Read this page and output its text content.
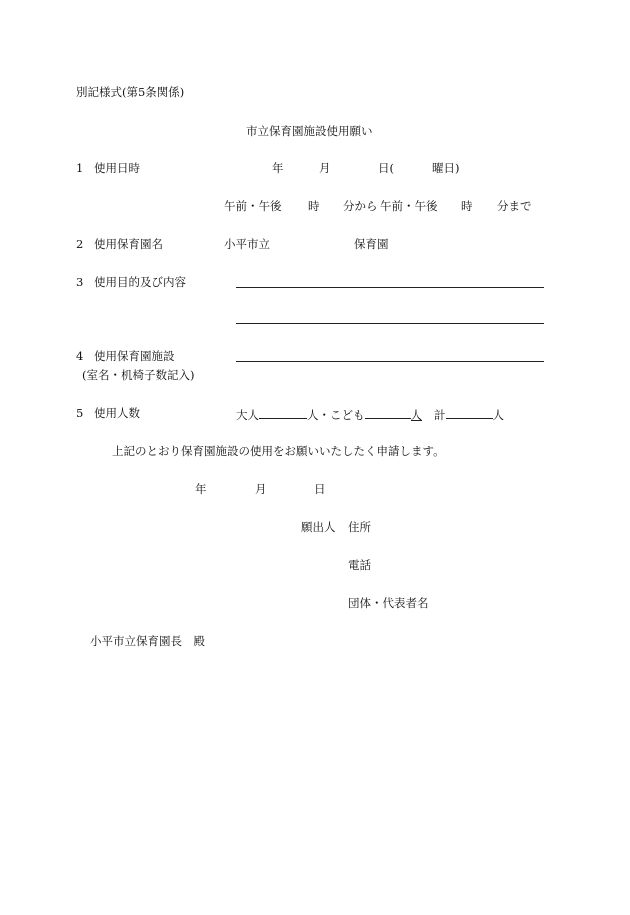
別記様式(第5条関係)
市立保育園施設使用願い
1 使用日時	年	月	日(	曜日)
午前・午後 時 分から 午前・午後 時 分まで
2 使用保育園名	小平市立	保育園
3 使用目的及び内容
4 使用保育園施設
(室名・机椅子数記入)
5 使用人数	大人	人・こども	人 計	人
上記のとおり保育園施設の使用をお願いいたしたく申請します。
年	月	日
願出人 住所
電話
団体・代表者名
小平市立保育園長　殿
